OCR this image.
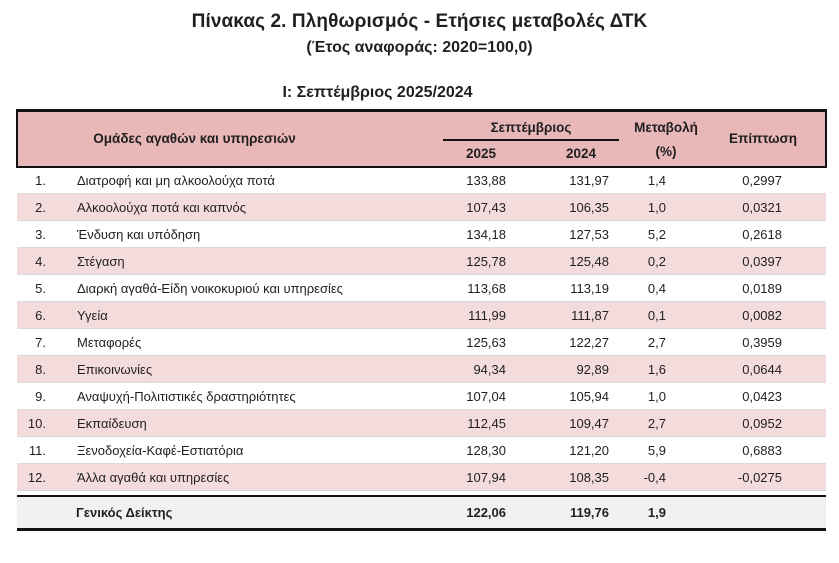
Πίνακας 2. Πληθωρισμός - Ετήσιες μεταβολές ΔΤΚ
(Έτος αναφοράς: 2020=100,0)
Ι: Σεπτέμβριος 2025/2024
Ομάδες αγαθών και υπηρεσιών		Σεπτέμβριος		Μεταβολή
(%)	Επίπτωση
		2025	2024		
1.	Διατροφή και μη αλκοολούχα ποτά	133,88	131,97	1,4	0,2997
2.	Αλκοολούχα ποτά και καπνός	107,43	106,35	1,0	0,0321
3.	Ένδυση και υπόδηση	134,18	127,53	5,2	0,2618
4.	Στέγαση	125,78	125,48	0,2	0,0397
5.	Διαρκή αγαθά-Είδη νοικοκυριού και υπηρεσίες	113,68	113,19	0,4	0,0189
6.	Υγεία	111,99	111,87	0,1	0,0082
7.	Μεταφορές	125,63	122,27	2,7	0,3959
8.	Επικοινωνίες	94,34	92,89	1,6	0,0644
9.	Αναψυχή-Πολιτιστικές δραστηριότητες	107,04	105,94	1,0	0,0423
10.	Εκπαίδευση	112,45	109,47	2,7	0,0952
11.	Ξενοδοχεία-Καφέ-Εστιατόρια	128,30	121,20	5,9	0,6883
12.	Άλλα αγαθά και υπηρεσίες	107,94	108,35	-0,4	-0,0275

Γενικός Δείκτης		122,06	119,76	1,9	
